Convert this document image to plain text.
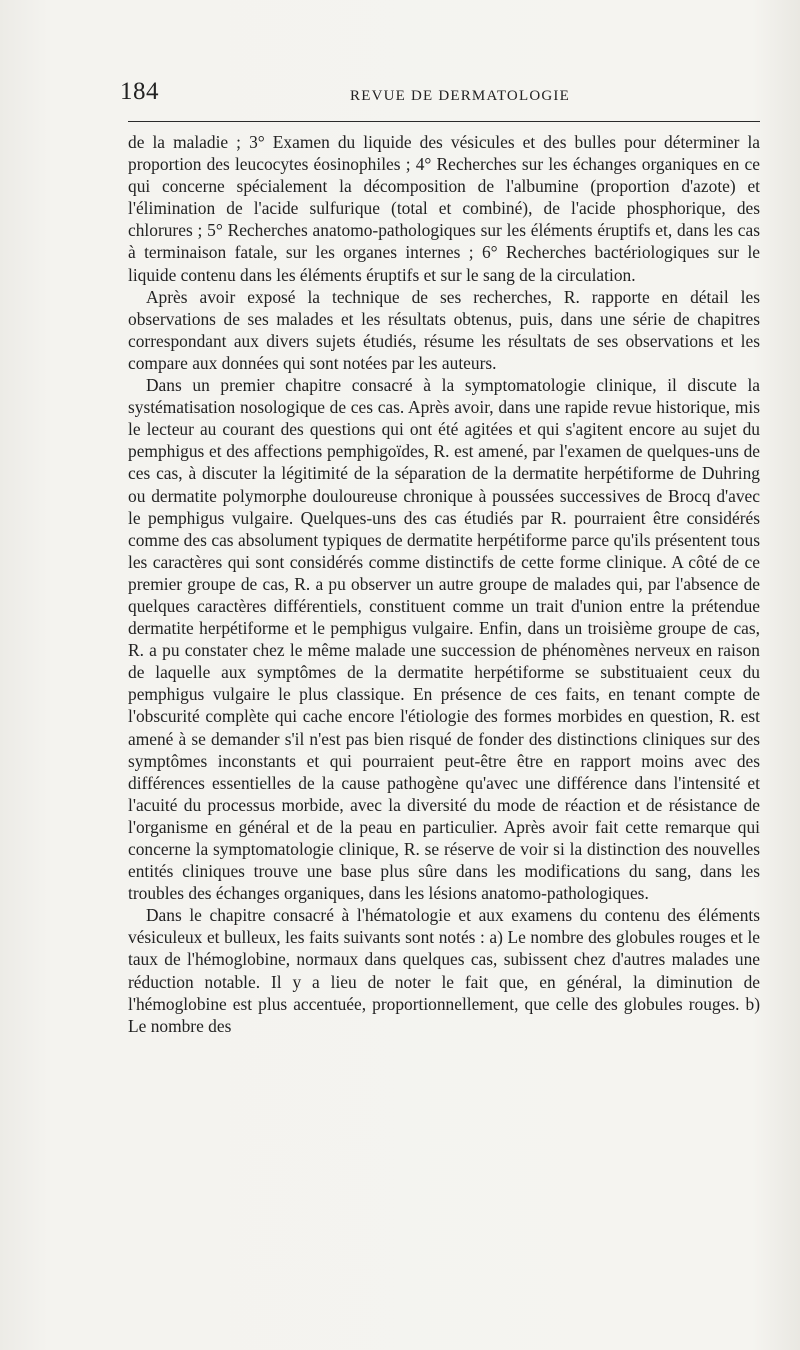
184	REVUE DE DERMATOLOGIE

de la maladie ; 3° Examen du liquide des vésicules et des bulles pour déterminer la proportion des leucocytes éosinophiles ; 4° Recherches sur les échanges organiques en ce qui concerne spécialement la décomposition de l'albumine (proportion d'azote) et l'élimination de l'acide sulfurique (total et combiné), de l'acide phosphorique, des chlorures ; 5° Recherches anatomo-pathologiques sur les éléments éruptifs et, dans les cas à terminaison fatale, sur les organes internes ; 6° Recherches bactériologiques sur le liquide contenu dans les éléments éruptifs et sur le sang de la circulation.

Après avoir exposé la technique de ses recherches, R. rapporte en détail les observations de ses malades et les résultats obtenus, puis, dans une série de chapitres correspondant aux divers sujets étudiés, résume les résultats de ses observations et les compare aux données qui sont notées par les auteurs.

Dans un premier chapitre consacré à la symptomatologie clinique, il discute la systématisation nosologique de ces cas. Après avoir, dans une rapide revue historique, mis le lecteur au courant des questions qui ont été agitées et qui s'agitent encore au sujet du pemphigus et des affections pemphigoïdes, R. est amené, par l'examen de quelques-uns de ces cas, à discuter la légitimité de la séparation de la dermatite herpétiforme de Duhring ou dermatite polymorphe douloureuse chronique à poussées successives de Brocq d'avec le pemphigus vulgaire. Quelques-uns des cas étudiés par R. pourraient être considérés comme des cas absolument typiques de dermatite herpétiforme parce qu'ils présentent tous les caractères qui sont considérés comme distinctifs de cette forme clinique. A côté de ce premier groupe de cas, R. a pu observer un autre groupe de malades qui, par l'absence de quelques caractères différentiels, constituent comme un trait d'union entre la prétendue dermatite herpétiforme et le pemphigus vulgaire. Enfin, dans un troisième groupe de cas, R. a pu constater chez le même malade une succession de phénomènes nerveux en raison de laquelle aux symptômes de la dermatite herpétiforme se substituaient ceux du pemphigus vulgaire le plus classique. En présence de ces faits, en tenant compte de l'obscurité complète qui cache encore l'étiologie des formes morbides en question, R. est amené à se demander s'il n'est pas bien risqué de fonder des distinctions cliniques sur des symptômes inconstants et qui pourraient peut-être être en rapport moins avec des différences essentielles de la cause pathogène qu'avec une différence dans l'intensité et l'acuité du processus morbide, avec la diversité du mode de réaction et de résistance de l'organisme en général et de la peau en particulier. Après avoir fait cette remarque qui concerne la symptomatologie clinique, R. se réserve de voir si la distinction des nouvelles entités cliniques trouve une base plus sûre dans les modifications du sang, dans les troubles des échanges organiques, dans les lésions anatomo-pathologiques.

Dans le chapitre consacré à l'hématologie et aux examens du contenu des éléments vésiculeux et bulleux, les faits suivants sont notés : a) Le nombre des globules rouges et le taux de l'hémoglobine, normaux dans quelques cas, subissent chez d'autres malades une réduction notable. Il y a lieu de noter le fait que, en général, la diminution de l'hémoglobine est plus accentuée, proportionnellement, que celle des globules rouges. b) Le nombre des
